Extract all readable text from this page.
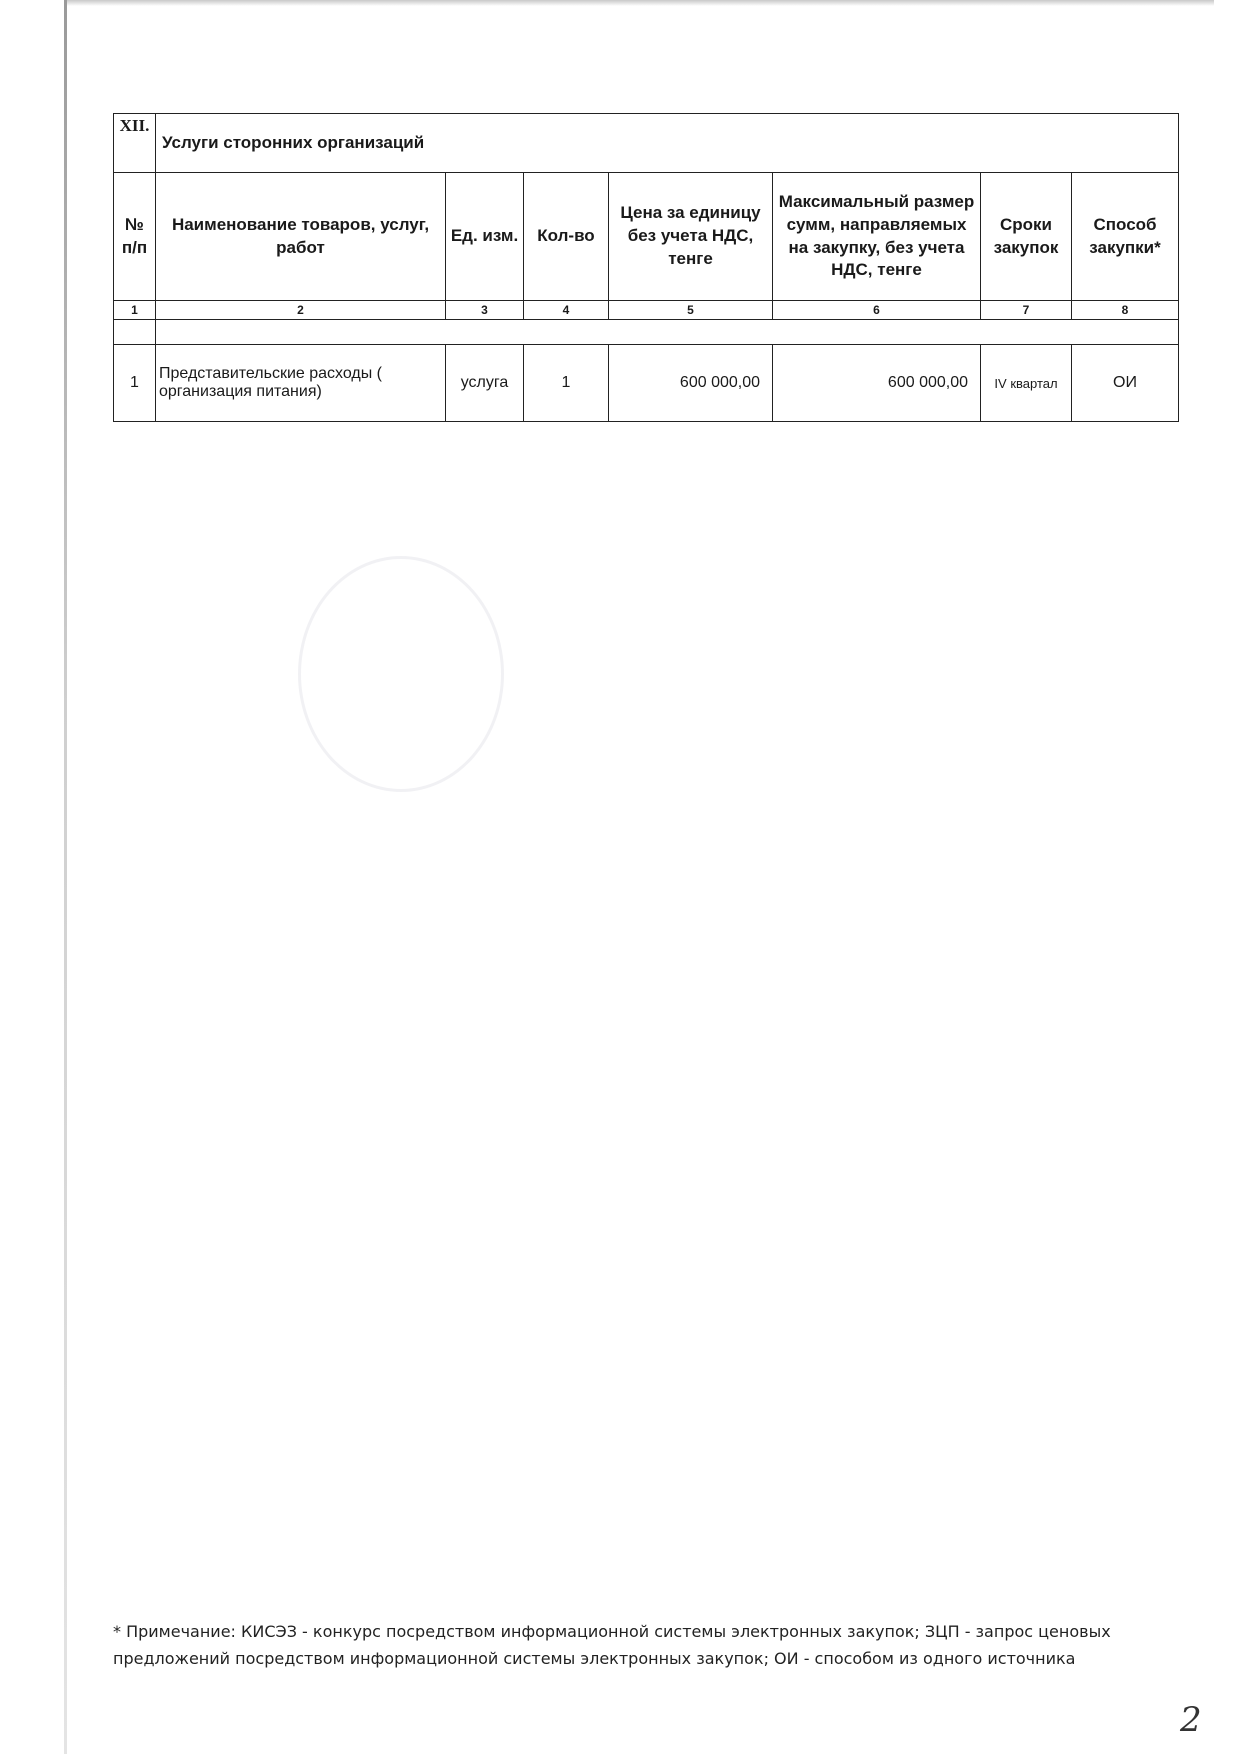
XII.	Услуги сторонних организаций						
№ п/п	Наименование товаров, услуг, работ	Ед. изм.	Кол-во	Цена за единицу без учета НДС, тенге	Максимальный размер сумм, направляемых на закупку, без учета НДС, тенге	Сроки закупок	Способ закупки*
1	2	3	4	5	6	7	8

1	Представительские расходы ( организация питания)	услуга	1	600 000,00	600 000,00	IV квартал	ОИ
* Примечание: КИСЭЗ - конкурс посредством информационной системы электронных закупок; ЗЦП - запрос ценовых предложений посредством информационной системы электронных закупок; ОИ - спосoбом из одного источника
2
